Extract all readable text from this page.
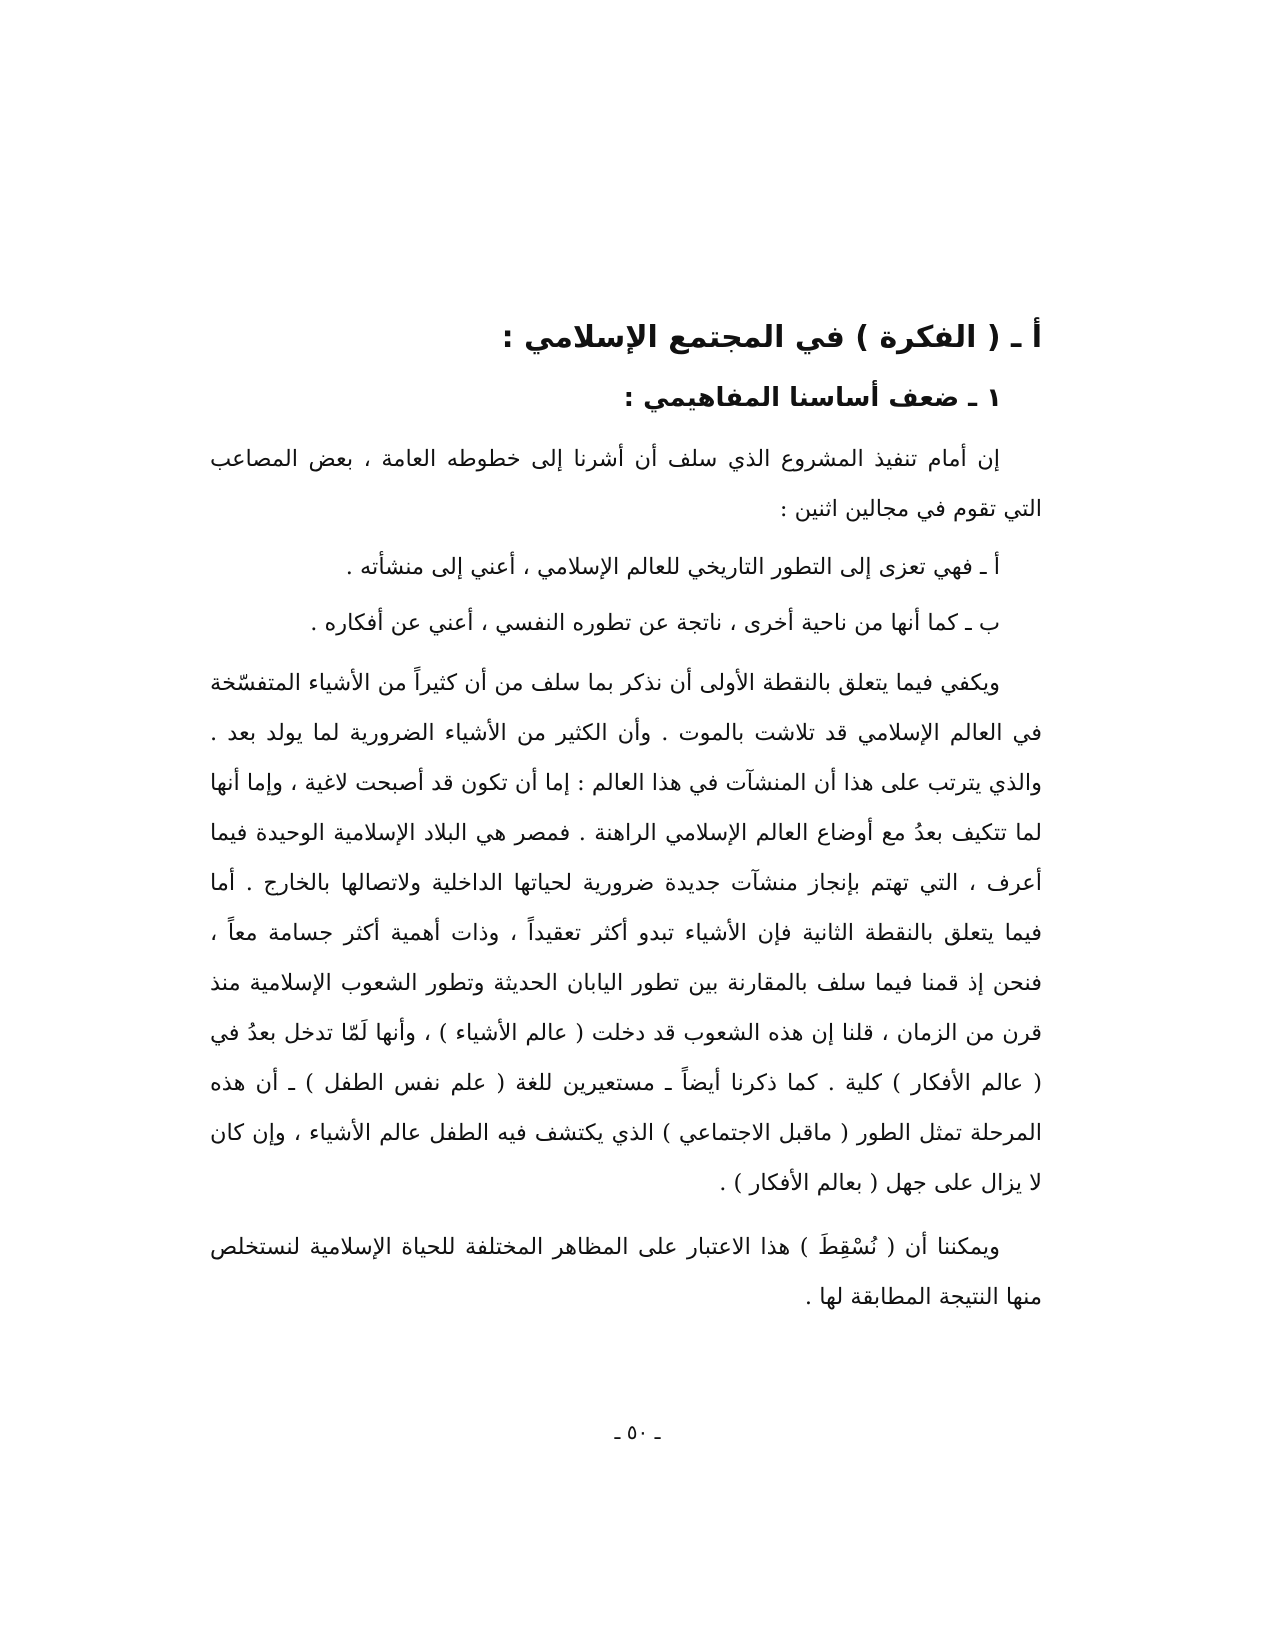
أ ـ ( الفكرة ) في المجتمع الإسلامي :
١ ـ ضعف أساسنا المفاهيمي :

إن أمام تنفيذ المشروع الذي سلف أن أشرنا إلى خطوطه العامة ، بعض المصاعب التي تقوم في مجالين اثنين :

أ ـ فهي تعزى إلى التطور التاريخي للعالم الإسلامي ، أعني إلى منشأته .

ب ـ كما أنها من ناحية أخرى ، ناتجة عن تطوره النفسي ، أعني عن أفكاره .

ويكفي فيما يتعلق بالنقطة الأولى أن نذكر بما سلف من أن كثيراً من الأشياء المتفسّخة في العالم الإسلامي قد تلاشت بالموت . وأن الكثير من الأشياء الضرورية لما يولد بعد . والذي يترتب على هذا أن المنشآت في هذا العالم : إما أن تكون قد أصبحت لاغية ، وإما أنها لما تتكيف بعدُ مع أوضاع العالم الإسلامي الراهنة . فمصر هي البلاد الإسلامية الوحيدة فيما أعرف ، التي تهتم بإنجاز منشآت جديدة ضرورية لحياتها الداخلية ولاتصالها بالخارج . أما فيما يتعلق بالنقطة الثانية فإن الأشياء تبدو أكثر تعقيداً ، وذات أهمية أكثر جسامة معاً ، فنحن إذ قمنا فيما سلف بالمقارنة بين تطور اليابان الحديثة وتطور الشعوب الإسلامية منذ قرن من الزمان ، قلنا إن هذه الشعوب قد دخلت ( عالم الأشياء ) ، وأنها لَمّا تدخل بعدُ في ( عالم الأفكار ) كلية . كما ذكرنا أيضاً ـ مستعيرين للغة ( علم نفس الطفل ) ـ أن هذه المرحلة تمثل الطور ( ماقبل الاجتماعي ) الذي يكتشف فيه الطفل عالم الأشياء ، وإن كان لا يزال على جهل ( بعالم الأفكار ) .

ويمكننا أن ( نُسْقِطَ ) هذا الاعتبار على المظاهر المختلفة للحياة الإسلامية لنستخلص منها النتيجة المطابقة لها .

ـ ٥٠ ـ
